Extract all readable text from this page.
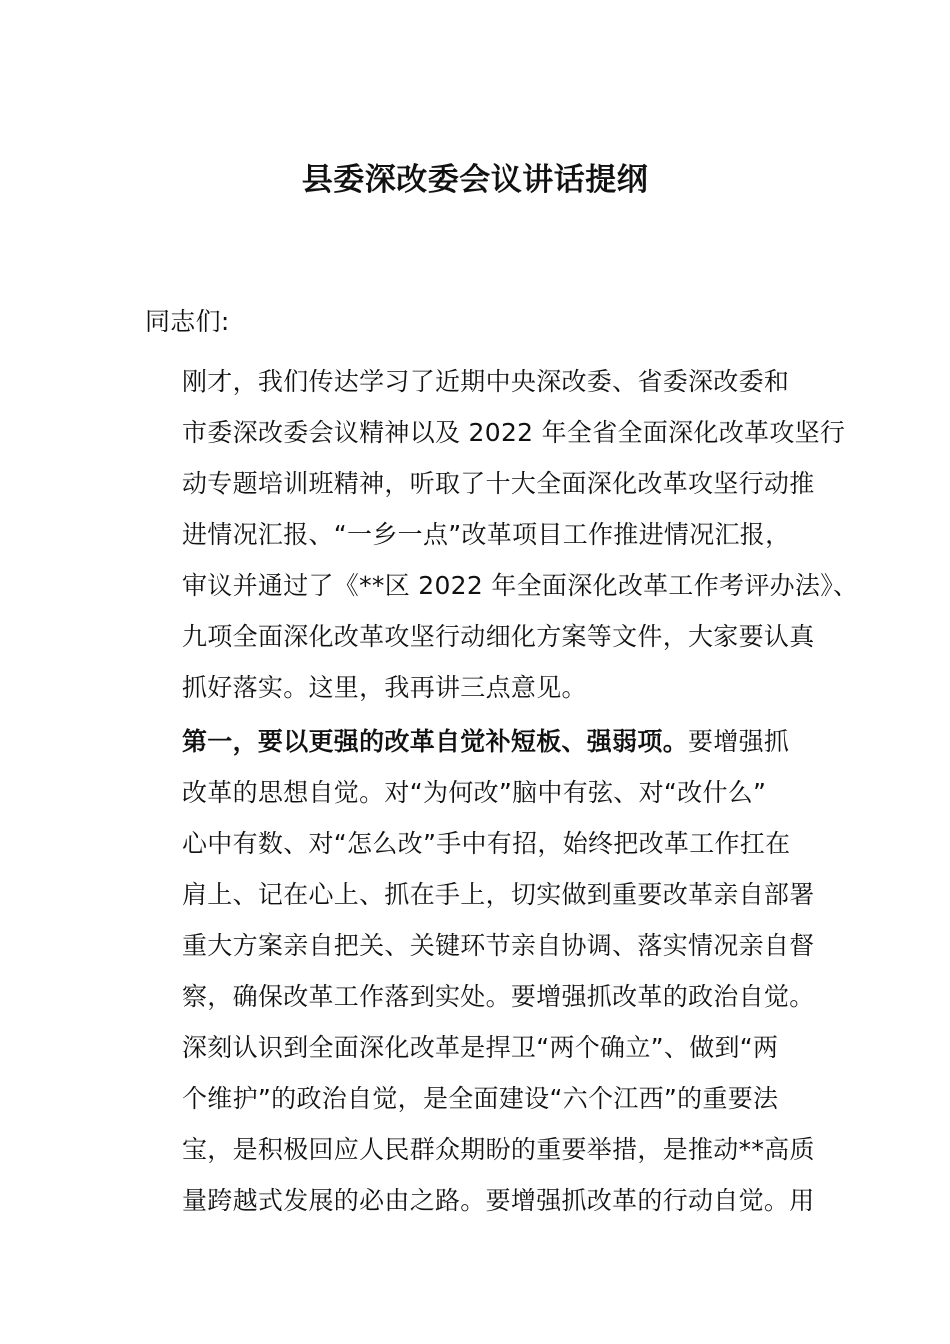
县委深改委会议讲话提纲
同志们:
刚才，我们传达学习了近期中央深改委、省委深改委和
市委深改委会议精神以及 2022 年全省全面深化改革攻坚行
动专题培训班精神，听取了十大全面深化改革攻坚行动推
进情况汇报、“一乡一点”改革项目工作推进情况汇报，
审议并通过了《**区 2022 年全面深化改革工作考评办法》、
九项全面深化改革攻坚行动细化方案等文件，大家要认真
抓好落实。这里，我再讲三点意见。
第一，要以更强的改革自觉补短板、强弱项。要增强抓
改革的思想自觉。对“为何改”脑中有弦、对“改什么”
心中有数、对“怎么改”手中有招，始终把改革工作扛在
肩上、记在心上、抓在手上，切实做到重要改革亲自部署
重大方案亲自把关、关键环节亲自协调、落实情况亲自督
察，确保改革工作落到实处。要增强抓改革的政治自觉。
深刻认识到全面深化改革是捍卫“两个确立”、做到“两
个维护”的政治自觉，是全面建设“六个江西”的重要法
宝，是积极回应人民群众期盼的重要举措，是推动**高质
量跨越式发展的必由之路。要增强抓改革的行动自觉。用
